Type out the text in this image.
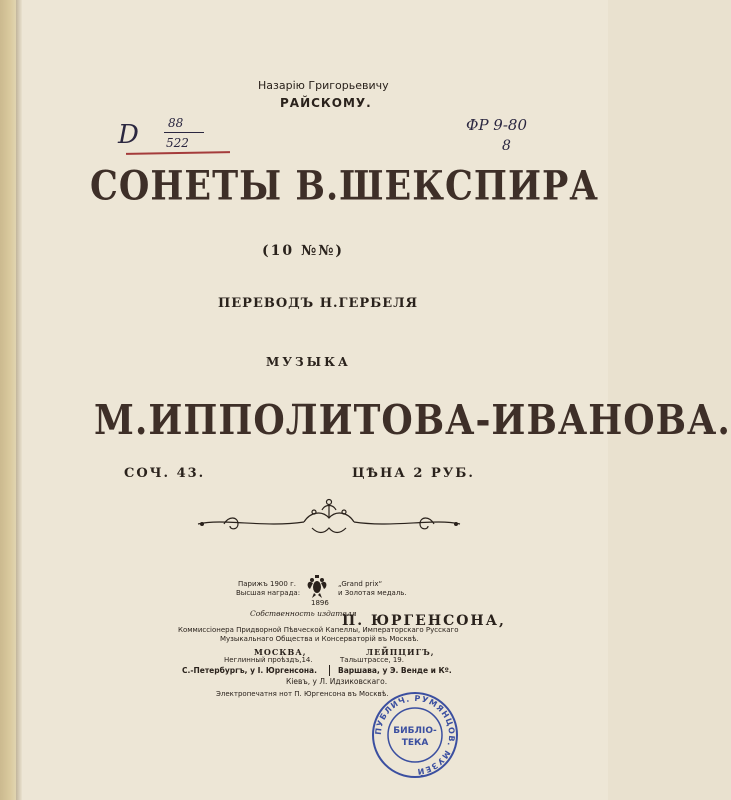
Назарію Григорьевичу
РАЙСКОМУ.
D 88
522
ФР 9-80
8
СОНЕТЫ В.ШЕКСПИРА
(10 №№)
ПЕРЕВОДЪ Н.ГЕРБЕЛЯ
МУЗЫКА
М.ИППОЛИТОВА-ИВАНОВА.
СОЧ. 43.	ЦѢНА 2 РУБ.
Парижъ 1900 г.
Высшая награда:
„Grand prix“
и Золотая медаль.
1896
Собственность издателя
П. ЮРГЕНСОНА,
Коммиссіонера Придворной Пѣвческой Капеллы, Императорскаго Русскаго
Музыкальнаго Общества и Консерваторій въ Москвѣ.
МОСКВА,	ЛЕЙПЦИГЪ,
Неглинный проѣздъ,14.	Тальштрассе, 19.
С.-Петербургъ, у І. Юргенсона.	Варшава, у Э. Венде и Кº.
Кіевъ, у Л. Идзиковскаго.
Электропечатня нот П. Юргенсона въ Москвѣ.
ПУБЛИЧ. РУМЯНЦОВ. МУЗЕЙ
БИБЛІО-
ТЕКА
